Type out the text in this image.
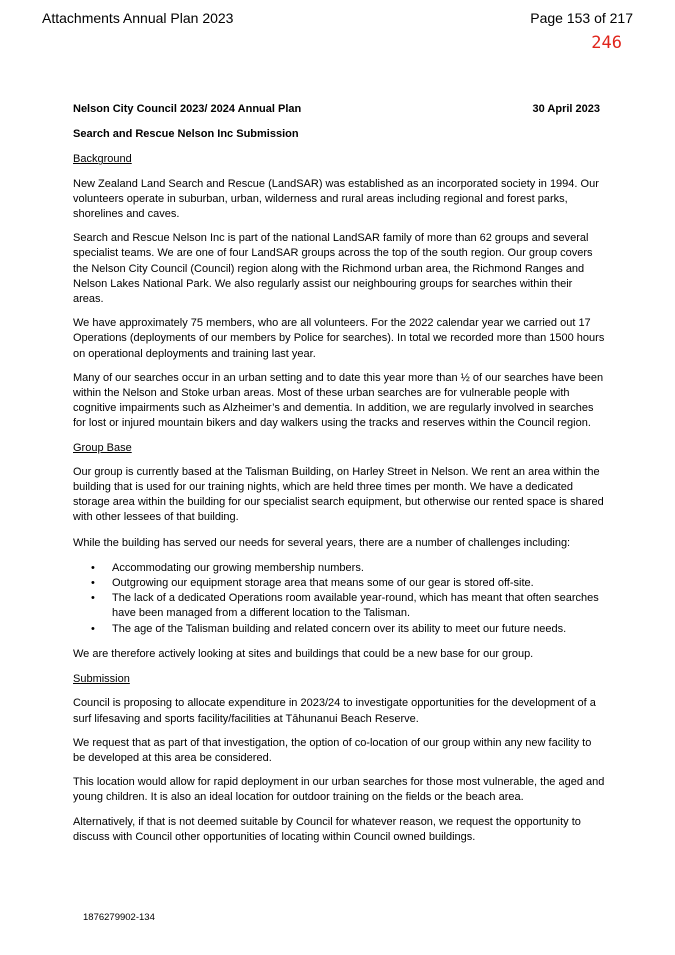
Attachments Annual Plan 2023	Page 153 of 217
246
Nelson City Council 2023/ 2024 Annual Plan	30 April 2023
Search and Rescue Nelson Inc Submission
Background

New Zealand Land Search and Rescue (LandSAR) was established as an incorporated society in 1994. Our volunteers operate in suburban, urban, wilderness and rural areas including regional and forest parks, shorelines and caves.

Search and Rescue Nelson Inc is part of the national LandSAR family of more than 62 groups and several specialist teams. We are one of four LandSAR groups across the top of the south region. Our group covers the Nelson City Council (Council) region along with the Richmond urban area, the Richmond Ranges and Nelson Lakes National Park. We also regularly assist our neighbouring groups for searches within their areas.

We have approximately 75 members, who are all volunteers. For the 2022 calendar year we carried out 17 Operations (deployments of our members by Police for searches). In total we recorded more than 1500 hours on operational deployments and training last year.

Many of our searches occur in an urban setting and to date this year more than ½ of our searches have been within the Nelson and Stoke urban areas. Most of these urban searches are for vulnerable people with cognitive impairments such as Alzheimer’s and dementia. In addition, we are regularly involved in searches for lost or injured mountain bikers and day walkers using the tracks and reserves within the Council region.

Group Base

Our group is currently based at the Talisman Building, on Harley Street in Nelson. We rent an area within the building that is used for our training nights, which are held three times per month. We have a dedicated storage area within the building for our specialist search equipment, but otherwise our rented space is shared with other lessees of that building.

While the building has served our needs for several years, there are a number of challenges including:

• Accommodating our growing membership numbers.
• Outgrowing our equipment storage area that means some of our gear is stored off-site.
• The lack of a dedicated Operations room available year-round, which has meant that often searches have been managed from a different location to the Talisman.
• The age of the Talisman building and related concern over its ability to meet our future needs.

We are therefore actively looking at sites and buildings that could be a new base for our group.

Submission

Council is proposing to allocate expenditure in 2023/24 to investigate opportunities for the development of a surf lifesaving and sports facility/facilities at Tāhunanui Beach Reserve.

We request that as part of that investigation, the option of co-location of our group within any new facility to be developed at this area be considered.

This location would allow for rapid deployment in our urban searches for those most vulnerable, the aged and young children. It is also an ideal location for outdoor training on the fields or the beach area.

Alternatively, if that is not deemed suitable by Council for whatever reason, we request the opportunity to discuss with Council other opportunities of locating within Council owned buildings.

1876279902-134
